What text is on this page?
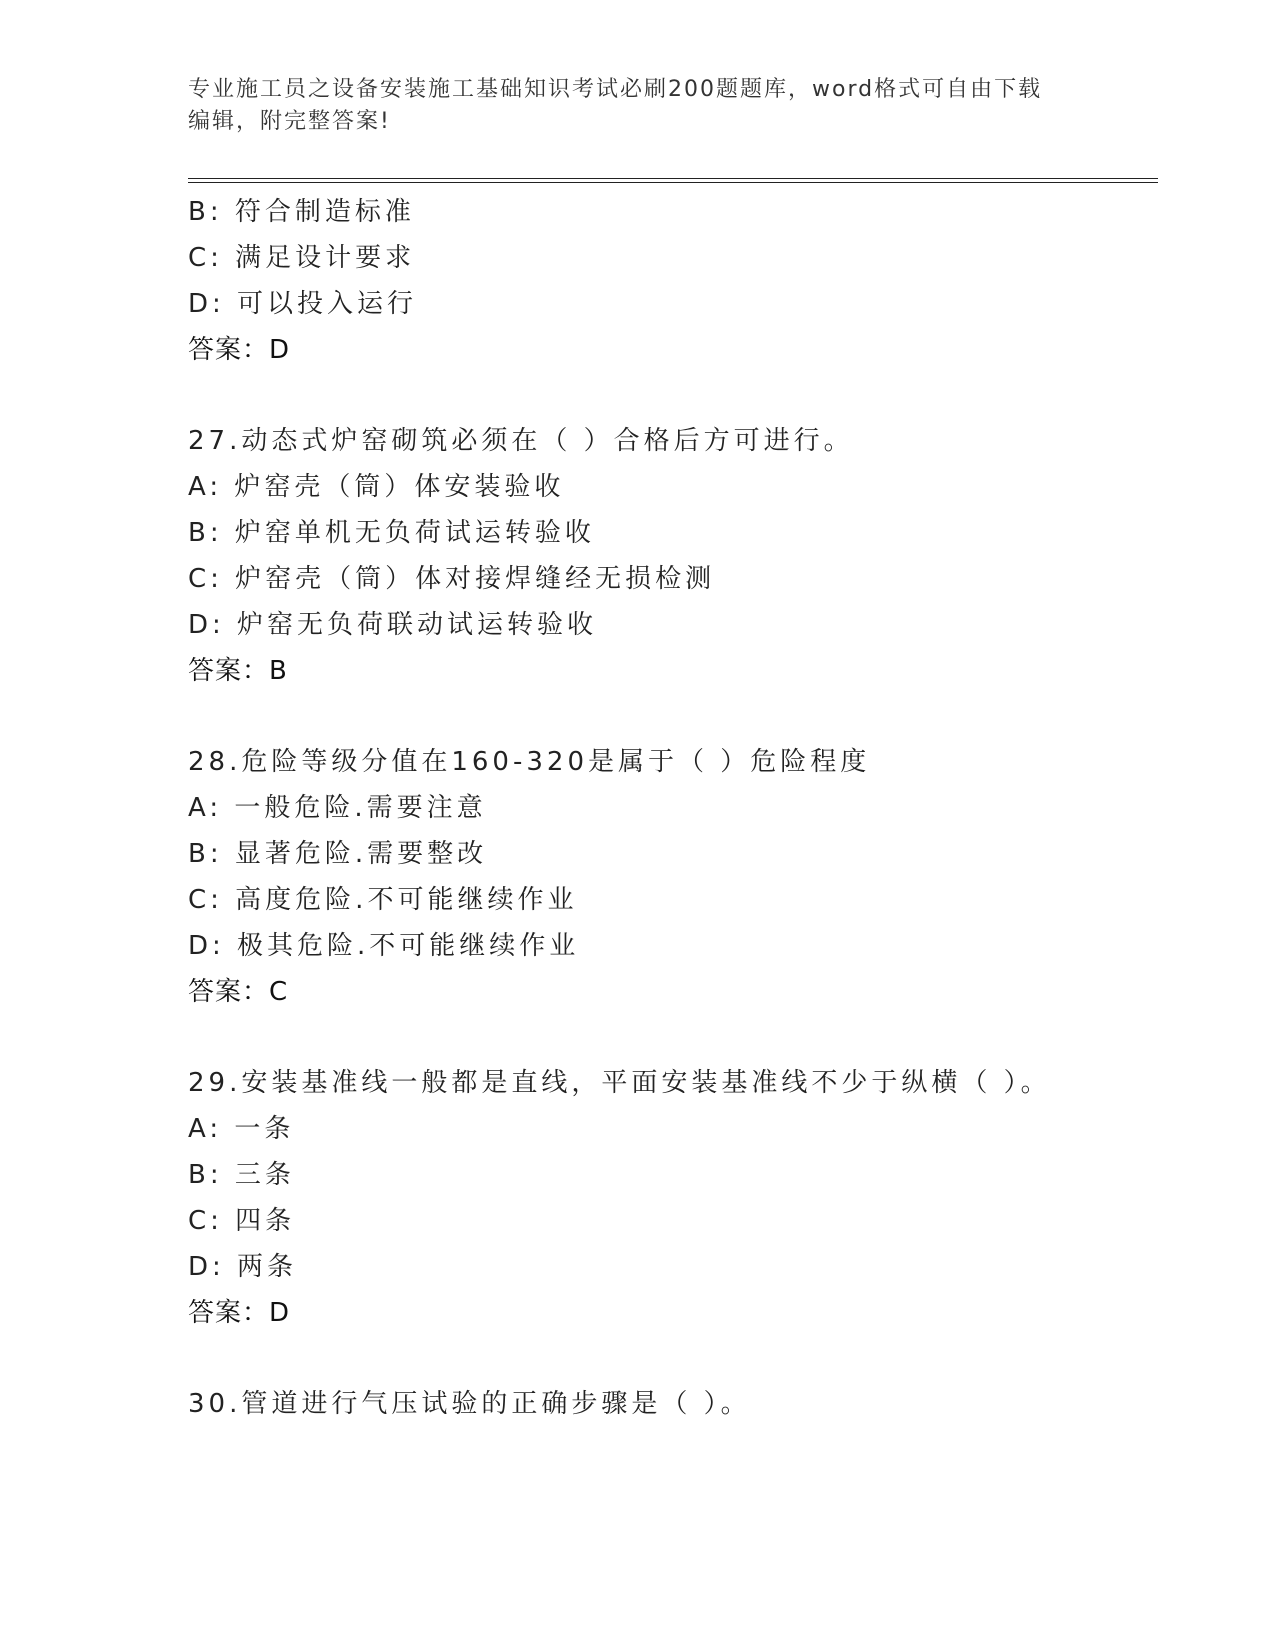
专业施工员之设备安装施工基础知识考试必刷200题题库，word格式可自由下载
编辑，附完整答案!
B: 符合制造标准
C: 满足设计要求
D: 可以投入运行
答案：D
27.动态式炉窑砌筑必须在（ ）合格后方可进行。
A: 炉窑壳（筒）体安装验收
B: 炉窑单机无负荷试运转验收
C: 炉窑壳（筒）体对接焊缝经无损检测
D: 炉窑无负荷联动试运转验收
答案：B
28.危险等级分值在160-320是属于（ ）危险程度
A: 一般危险.需要注意
B: 显著危险.需要整改
C: 高度危险.不可能继续作业
D: 极其危险.不可能继续作业
答案：C
29.安装基准线一般都是直线，平面安装基准线不少于纵横（ ）。
A: 一条
B: 三条
C: 四条
D: 两条
答案：D
30.管道进行气压试验的正确步骤是（ ）。
